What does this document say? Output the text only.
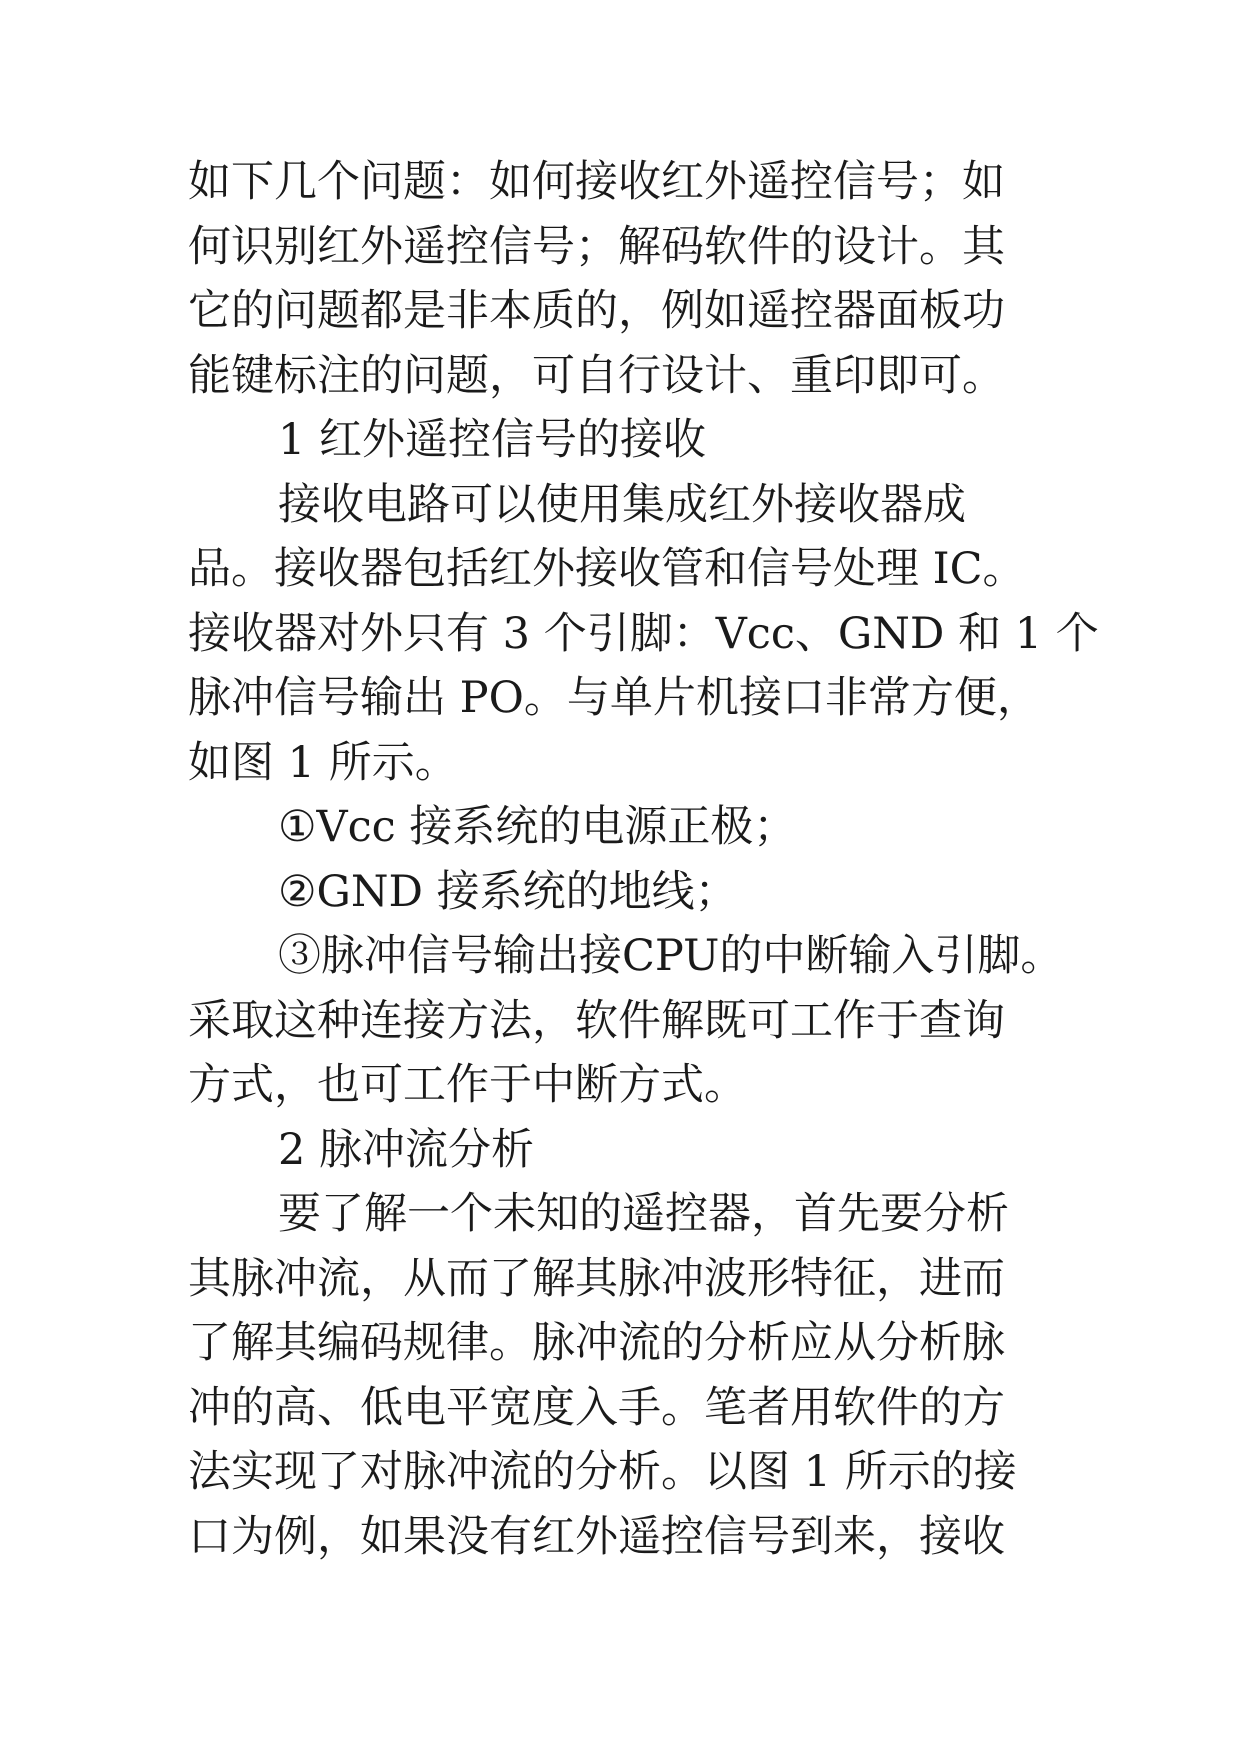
如下几个问题：如何接收红外遥控信号；如
何识别红外遥控信号；解码软件的设计。其
它的问题都是非本质的，例如遥控器面板功
能键标注的问题，可自行设计、重印即可。
1 红外遥控信号的接收
接收电路可以使用集成红外接收器成
品。接收器包括红外接收管和信号处理 IC。
接收器对外只有 3 个引脚：Vcc、GND 和 1 个
脉冲信号输出 PO。与单片机接口非常方便，
如图 1 所示。
①Vcc 接系统的电源正极；
②GND 接系统的地线；
③脉冲信号输出接CPU的中断输入引脚。
采取这种连接方法，软件解既可工作于查询
方式，也可工作于中断方式。
2 脉冲流分析
要了解一个未知的遥控器，首先要分析
其脉冲流，从而了解其脉冲波形特征，进而
了解其编码规律。脉冲流的分析应从分析脉
冲的高、低电平宽度入手。笔者用软件的方
法实现了对脉冲流的分析。以图 1 所示的接
口为例，如果没有红外遥控信号到来，接收
